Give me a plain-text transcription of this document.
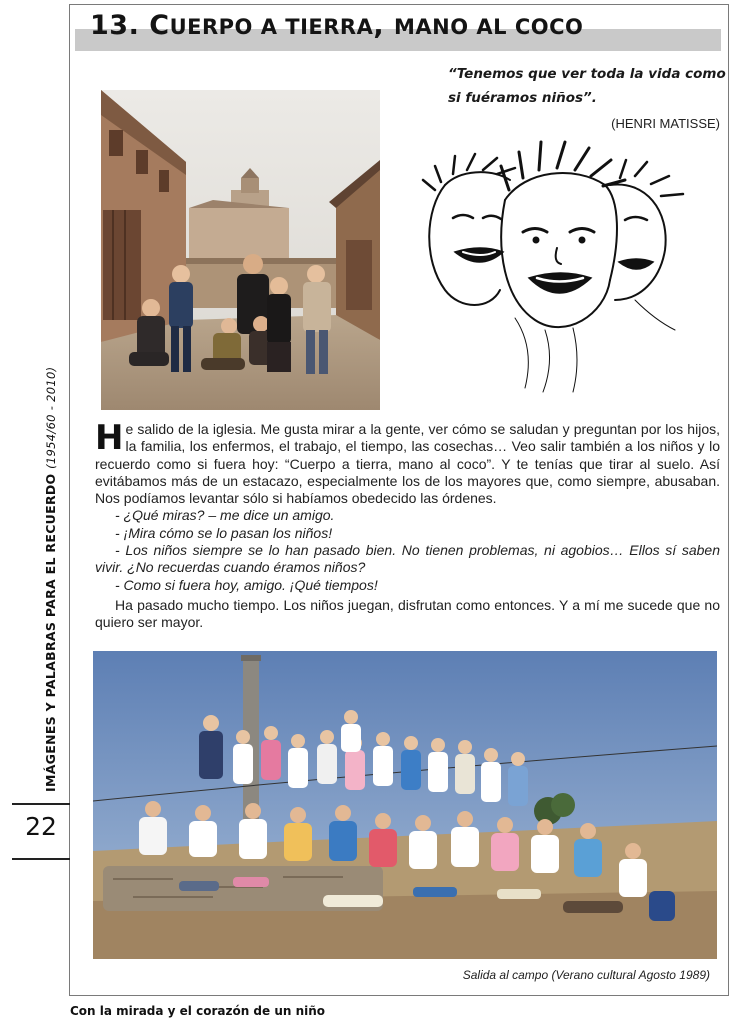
13. CUERPO A TIERRA, MANO AL COCO

“Tenemos que ver toda la vida como si fuéramos niños”.

(HENRI MATISSE)

He salido de la iglesia. Me gusta mirar a la gente, ver cómo se saludan y preguntan por los hijos, la familia, los enfermos, el trabajo, el tiempo, las cosechas… Veo salir también a los niños y lo recuerdo como si fuera hoy: “Cuerpo a tierra, mano al coco”. Y te tenías que tirar al suelo. Así evitábamos más de un estacazo, especialmente los de los mayores que, como siempre, abusaban. Nos podíamos levantar sólo si habíamos obedecido las órdenes.

- ¿Qué miras? – me dice un amigo.

- ¡Mira cómo se lo pasan los niños!

- Los niños siempre se lo han pasado bien. No tienen problemas, ni agobios… Ellos sí saben vivir. ¿No recuerdas cuando éramos niños?

- Como si fuera hoy, amigo. ¡Qué tiempos!

Ha pasado mucho tiempo. Los niños juegan, disfrutan como entonces. Y a mí me sucede que no quiero ser mayor.

Salida al campo (Verano cultural Agosto 1989)
IMÁGENES Y PALABRAS PARA EL RECUERDO (1954/60 - 2010)
22
Con la mirada y el corazón de un niño
